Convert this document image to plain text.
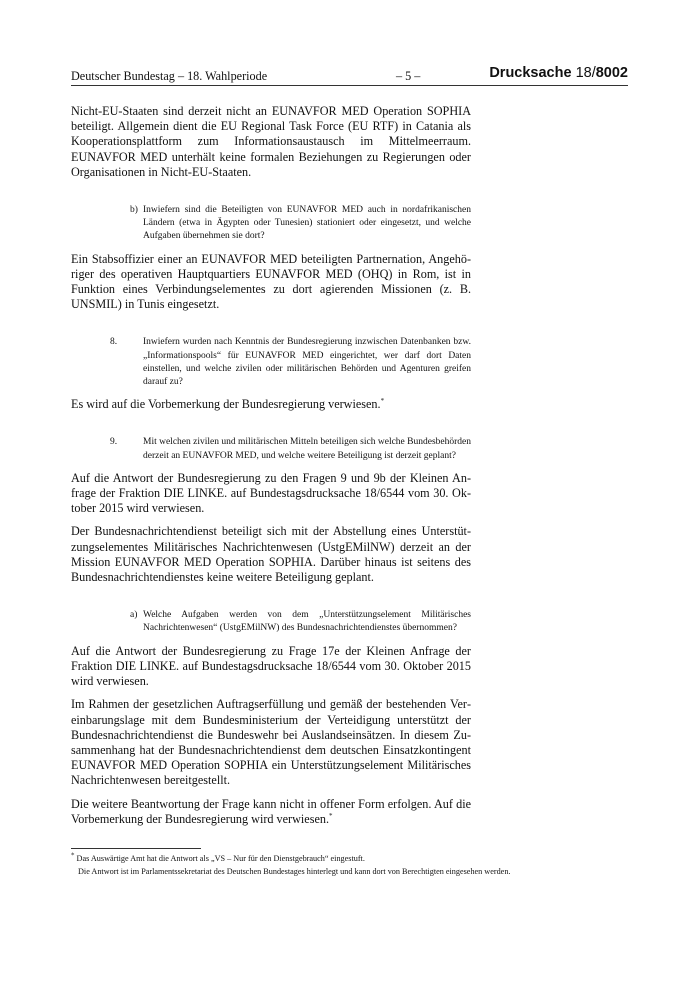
Deutscher Bundestag – 18. Wahlperiode	– 5 –	Drucksache 18/8002

Nicht-EU-Staaten sind derzeit nicht an EUNAVFOR MED Operation SOPHIA beteiligt. Allgemein dient die EU Regional Task Force (EU RTF) in Catania als Kooperationsplattform zum Informationsaustausch im Mittelmeerraum. EUNAVFOR MED unterhält keine formalen Beziehungen zu Regierungen oder Organisationen in Nicht-EU-Staaten.

b) Inwiefern sind die Beteiligten von EUNAVFOR MED auch in nordafrikanischen Ländern (etwa in Ägypten oder Tunesien) stationiert oder eingesetzt, und welche Aufgaben übernehmen sie dort?

Ein Stabsoffizier einer an EUNAVFOR MED beteiligten Partnernation, Angehöriger des operativen Hauptquartiers EUNAVFOR MED (OHQ) in Rom, ist in Funktion eines Verbindungselementes zu dort agierenden Missionen (z. B. UNSMIL) in Tunis eingesetzt.

8.	Inwiefern wurden nach Kenntnis der Bundesregierung inzwischen Datenbanken bzw. „Informationspools“ für EUNAVFOR MED eingerichtet, wer darf dort Daten einstellen, und welche zivilen oder militärischen Behörden und Agenturen greifen darauf zu?

Es wird auf die Vorbemerkung der Bundesregierung verwiesen.*

9.	Mit welchen zivilen und militärischen Mitteln beteiligen sich welche Bundesbehörden derzeit an EUNAVFOR MED, und welche weitere Beteiligung ist derzeit geplant?

Auf die Antwort der Bundesregierung zu den Fragen 9 und 9b der Kleinen Anfrage der Fraktion DIE LINKE. auf Bundestagsdrucksache 18/6544 vom 30. Oktober 2015 wird verwiesen.

Der Bundesnachrichtendienst beteiligt sich mit der Abstellung eines Unterstützungselementes Militärisches Nachrichtenwesen (UstgEMilNW) derzeit an der Mission EUNAVFOR MED Operation SOPHIA. Darüber hinaus ist seitens des Bundesnachrichtendienstes keine weitere Beteiligung geplant.

a) Welche Aufgaben werden von dem „Unterstützungselement Militärisches Nachrichtenwesen“ (UstgEMilNW) des Bundesnachrichtendienstes übernommen?

Auf die Antwort der Bundesregierung zu Frage 17e der Kleinen Anfrage der Fraktion DIE LINKE. auf Bundestagsdrucksache 18/6544 vom 30. Oktober 2015 wird verwiesen.

Im Rahmen der gesetzlichen Auftragserfüllung und gemäß der bestehenden Vereinbarungslage mit dem Bundesministerium der Verteidigung unterstützt der Bundesnachrichtendienst die Bundeswehr bei Auslandseinsätzen. In diesem Zusammenhang hat der Bundesnachrichtendienst dem deutschen Einsatzkontingent EUNAVFOR MED Operation SOPHIA ein Unterstützungselement Militärisches Nachrichtenwesen bereitgestellt.

Die weitere Beantwortung der Frage kann nicht in offener Form erfolgen. Auf die Vorbemerkung der Bundesregierung wird verwiesen.*

* Das Auswärtige Amt hat die Antwort als „VS – Nur für den Dienstgebrauch“ eingestuft.
Die Antwort ist im Parlamentssekretariat des Deutschen Bundestages hinterlegt und kann dort von Berechtigten eingesehen werden.
